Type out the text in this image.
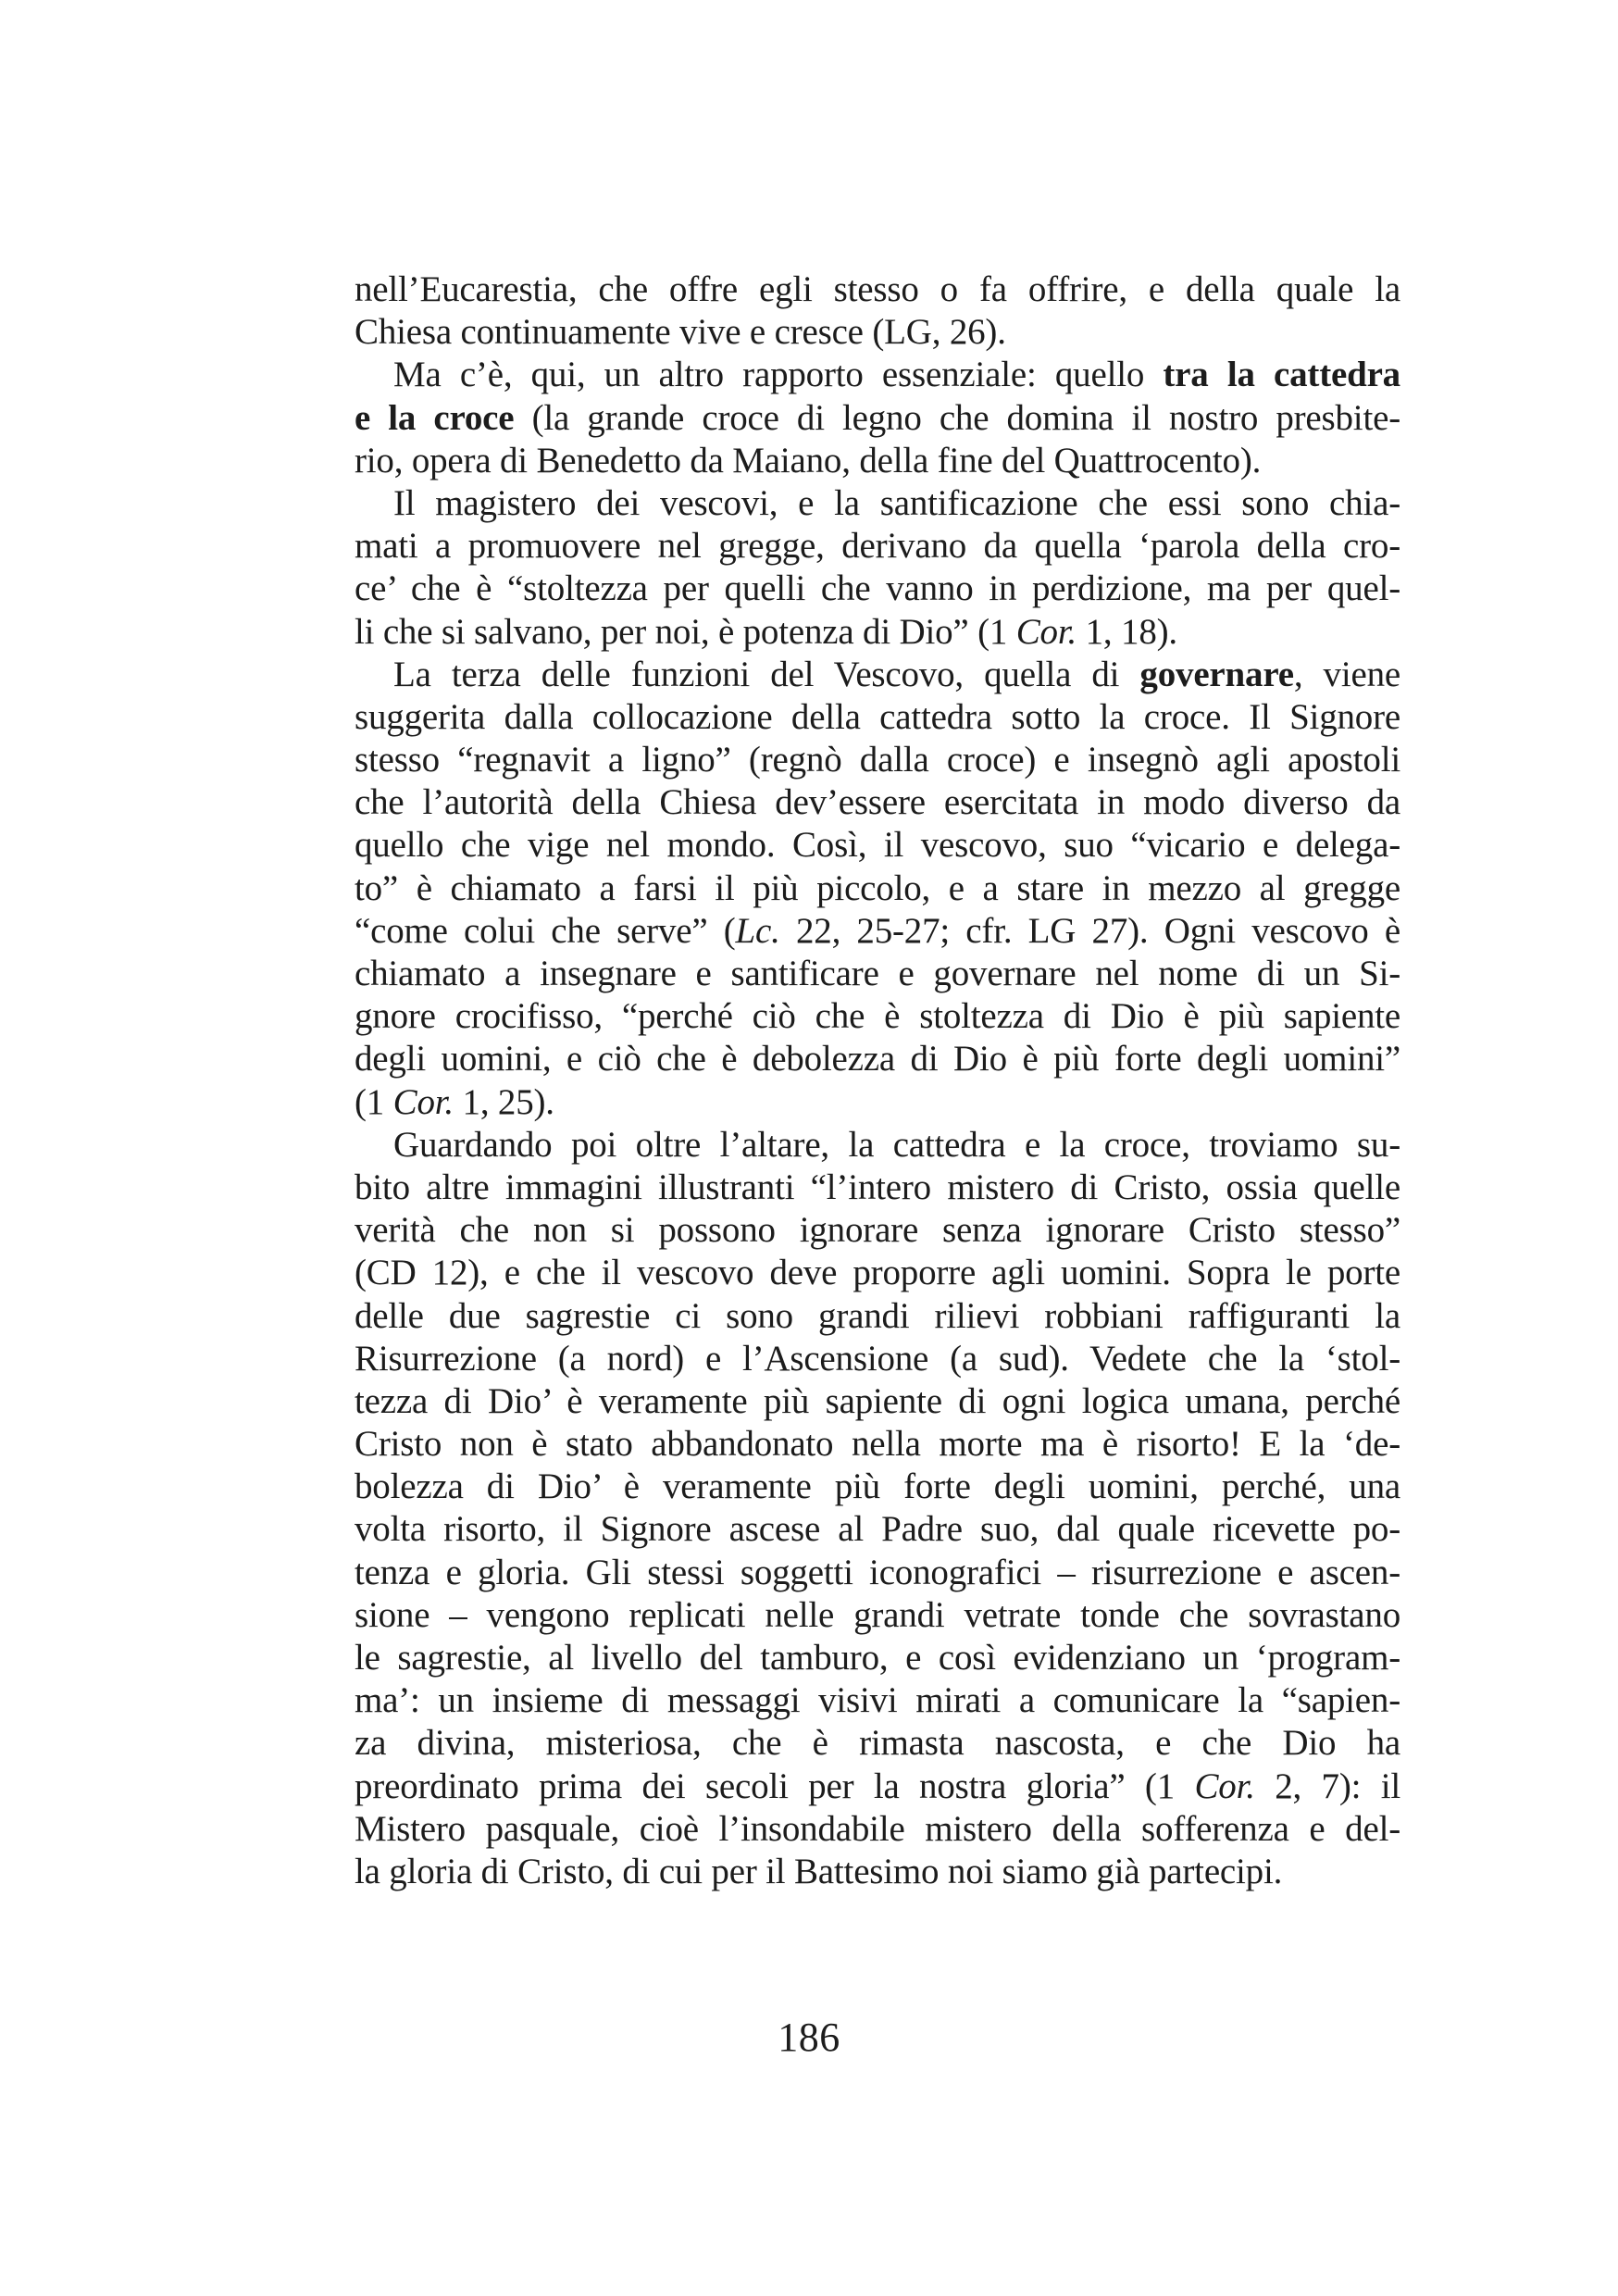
nell’Eucarestia, che offre egli stesso o fa offrire, e della quale la
Chiesa continuamente vive e cresce (LG, 26).
Ma c’è, qui, un altro rapporto essenziale: quello tra la cattedra
e la croce (la grande croce di legno che domina il nostro presbite-
rio, opera di Benedetto da Maiano, della fine del Quattrocento).
Il magistero dei vescovi, e la santificazione che essi sono chia-
mati a promuovere nel gregge, derivano da quella ‘parola della cro-
ce’ che è “stoltezza per quelli che vanno in perdizione, ma per quel-
li che si salvano, per noi, è potenza di Dio” (1 Cor. 1, 18).
La terza delle funzioni del Vescovo, quella di governare, viene
suggerita dalla collocazione della cattedra sotto la croce. Il Signore
stesso “regnavit a ligno” (regnò dalla croce) e insegnò agli apostoli
che l’autorità della Chiesa dev’essere esercitata in modo diverso da
quello che vige nel mondo. Così, il vescovo, suo “vicario e delega-
to” è chiamato a farsi il più piccolo, e a stare in mezzo al gregge
“come colui che serve” (Lc. 22, 25-27; cfr. LG 27). Ogni vescovo è
chiamato a insegnare e santificare e governare nel nome di un Si-
gnore crocifisso, “perché ciò che è stoltezza di Dio è più sapiente
degli uomini, e ciò che è debolezza di Dio è più forte degli uomini”
(1 Cor. 1, 25).
Guardando poi oltre l’altare, la cattedra e la croce, troviamo su-
bito altre immagini illustranti “l’intero mistero di Cristo, ossia quelle
verità che non si possono ignorare senza ignorare Cristo stesso”
(CD 12), e che il vescovo deve proporre agli uomini. Sopra le porte
delle due sagrestie ci sono grandi rilievi robbiani raffiguranti la
Risurrezione (a nord) e l’Ascensione (a sud). Vedete che la ‘stol-
tezza di Dio’ è veramente più sapiente di ogni logica umana, perché
Cristo non è stato abbandonato nella morte ma è risorto! E la ‘de-
bolezza di Dio’ è veramente più forte degli uomini, perché, una
volta risorto, il Signore ascese al Padre suo, dal quale ricevette po-
tenza e gloria. Gli stessi soggetti iconografici – risurrezione e ascen-
sione – vengono replicati nelle grandi vetrate tonde che sovrastano
le sagrestie, al livello del tamburo, e così evidenziano un ‘program-
ma’: un insieme di messaggi visivi mirati a comunicare la “sapien-
za divina, misteriosa, che è rimasta nascosta, e che Dio ha
preordinato prima dei secoli per la nostra gloria” (1 Cor. 2, 7): il
Mistero pasquale, cioè l’insondabile mistero della sofferenza e del-
la gloria di Cristo, di cui per il Battesimo noi siamo già partecipi.
186
